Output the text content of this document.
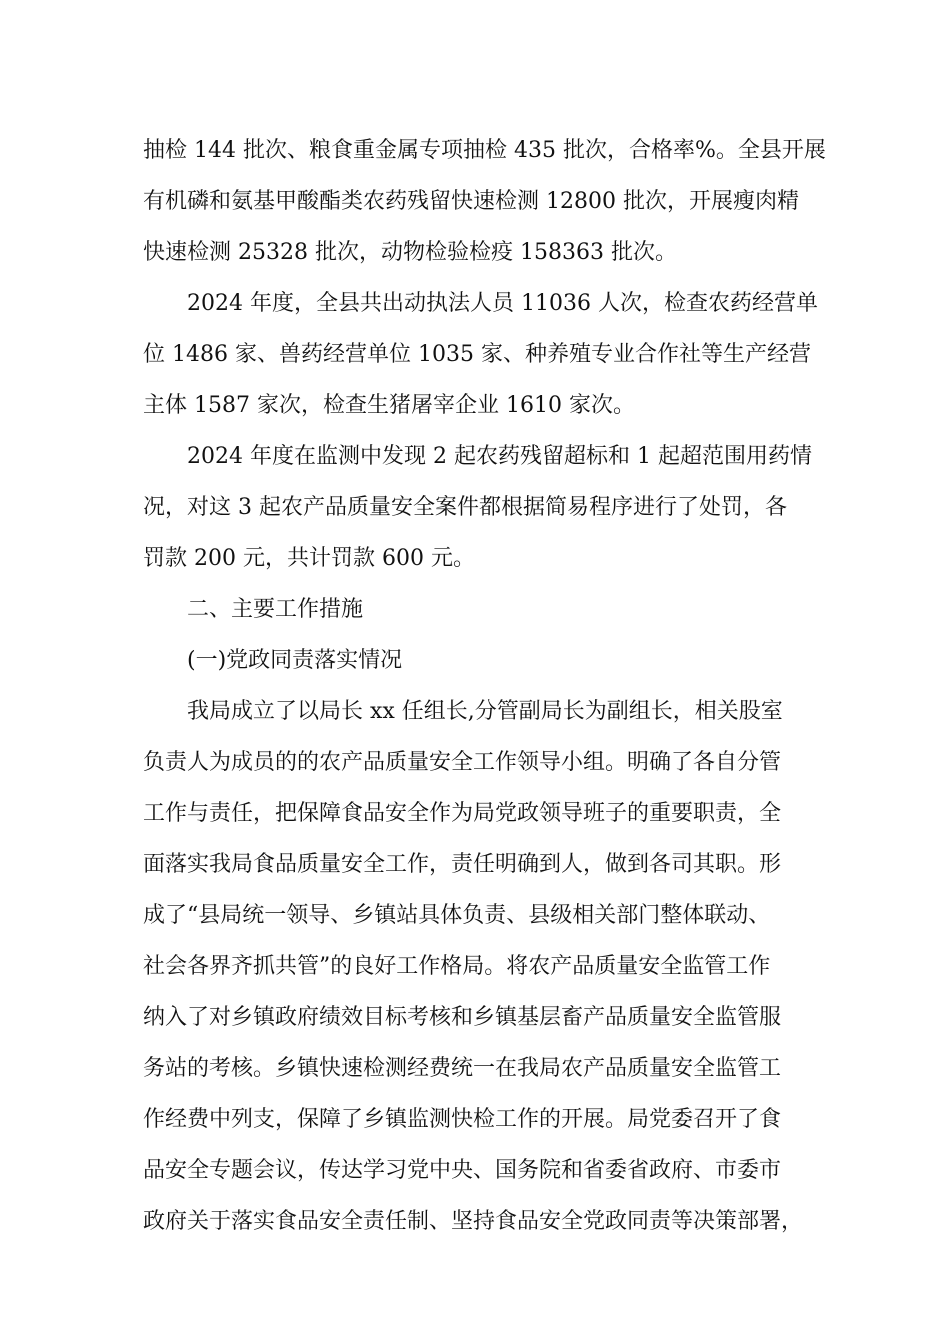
抽检 144 批次、粮食重金属专项抽检 435 批次，合格率%。全县开展
有机磷和氨基甲酸酯类农药残留快速检测 12800 批次，开展瘦肉精
快速检测 25328 批次，动物检验检疫 158363 批次。
2024 年度，全县共出动执法人员 11036 人次，检查农药经营单
位 1486 家、兽药经营单位 1035 家、种养殖专业合作社等生产经营
主体 1587 家次，检查生猪屠宰企业 1610 家次。
2024 年度在监测中发现 2 起农药残留超标和 1 起超范围用药情
况，对这 3 起农产品质量安全案件都根据简易程序进行了处罚，各
罚款 200 元，共计罚款 600 元。
二、主要工作措施
(一)党政同责落实情况
我局成立了以局长 xx 任组长,分管副局长为副组长，相关股室
负责人为成员的的农产品质量安全工作领导小组。明确了各自分管
工作与责任，把保障食品安全作为局党政领导班子的重要职责，全
面落实我局食品质量安全工作，责任明确到人，做到各司其职。形
成了“县局统一领导、乡镇站具体负责、县级相关部门整体联动、
社会各界齐抓共管”的良好工作格局。将农产品质量安全监管工作
纳入了对乡镇政府绩效目标考核和乡镇基层畜产品质量安全监管服
务站的考核。乡镇快速检测经费统一在我局农产品质量安全监管工
作经费中列支，保障了乡镇监测快检工作的开展。局党委召开了食
品安全专题会议，传达学习党中央、国务院和省委省政府、市委市
政府关于落实食品安全责任制、坚持食品安全党政同责等决策部署，
